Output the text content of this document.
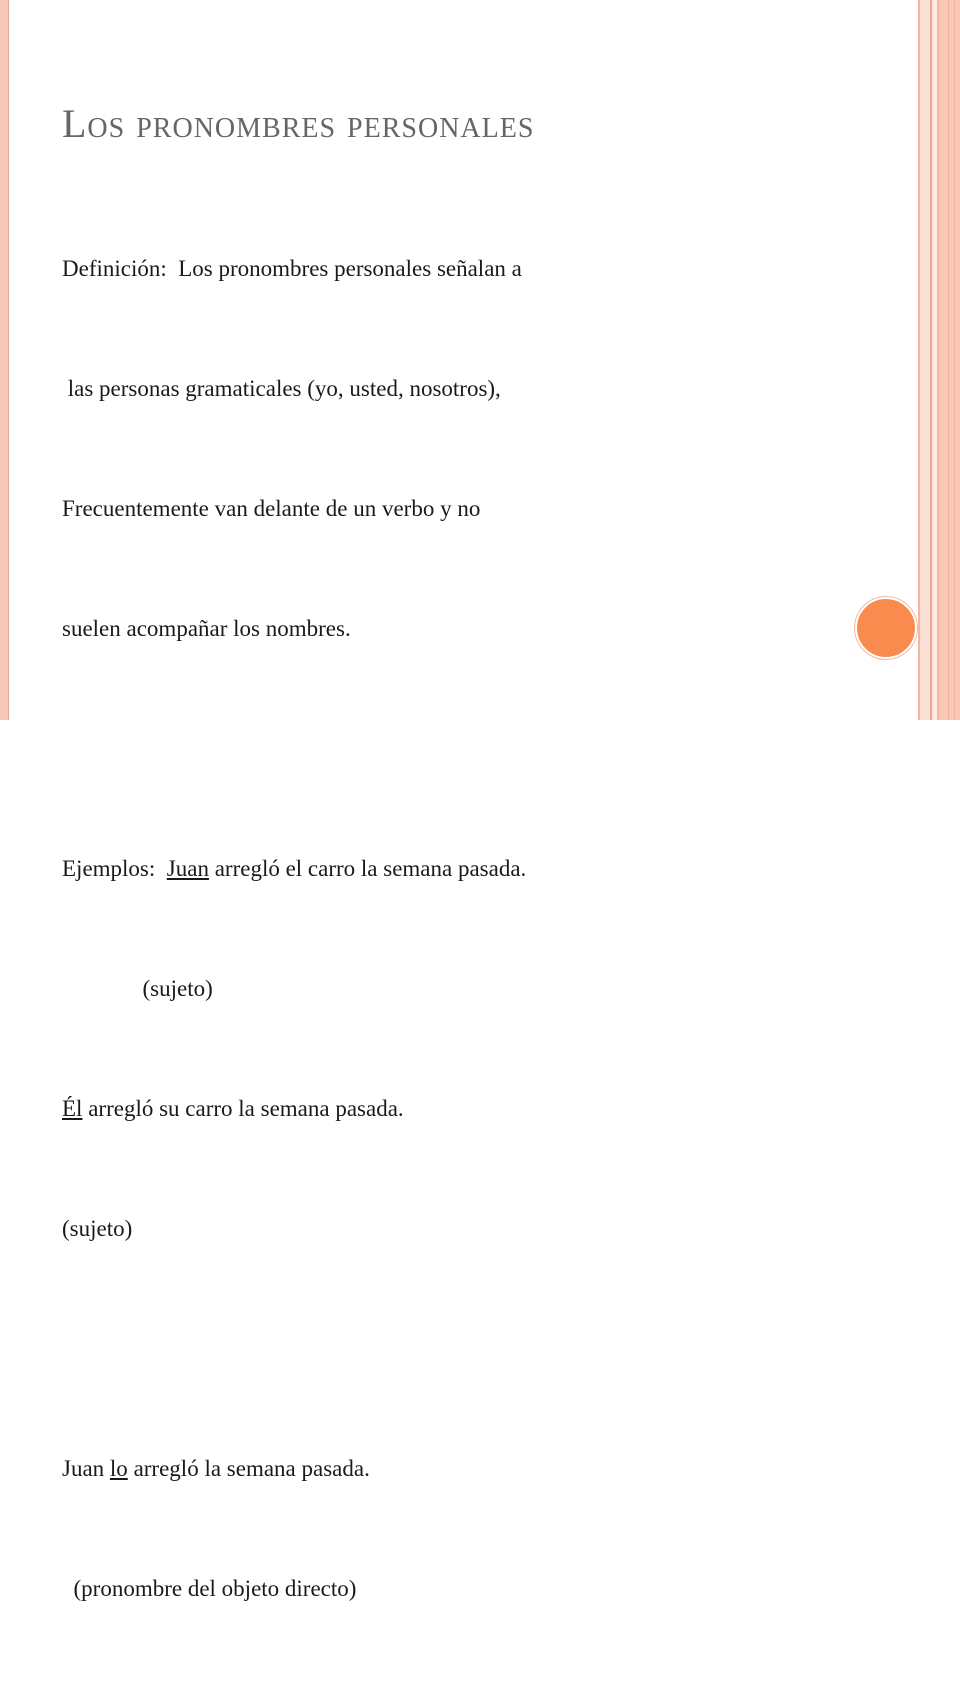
Los pronombres personales

Definición:  Los pronombres personales señalan a

las personas gramaticales (yo, usted, nosotros),

Frecuentemente van delante de un verbo y no

suelen acompañar los nombres.

Ejemplos:  Juan arregló el carro la semana pasada.

(sujeto)

Él arregló su carro la semana pasada.

(sujeto)

Juan lo arregló la semana pasada.

(pronombre del objeto directo)
